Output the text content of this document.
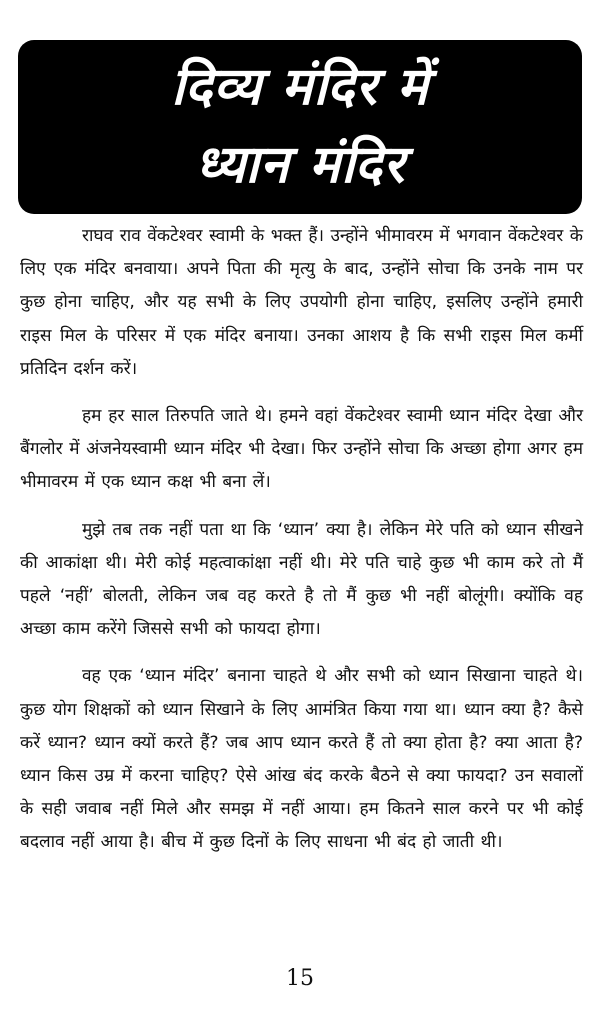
दिव्य मंदिर में
ध्यान मंदिर

राघव राव वेंकटेश्वर स्वामी के भक्त हैं। उन्होंने भीमावरम में भगवान वेंकटेश्वर के लिए एक मंदिर बनवाया। अपने पिता की मृत्यु के बाद, उन्होंने सोचा कि उनके नाम पर कुछ होना चाहिए, और यह सभी के लिए उपयोगी होना चाहिए, इसलिए उन्होंने हमारी राइस मिल के परिसर में एक मंदिर बनाया। उनका आशय है कि सभी राइस मिल कर्मी प्रतिदिन दर्शन करें।

हम हर साल तिरुपति जाते थे। हमने वहां वेंकटेश्वर स्वामी ध्यान मंदिर देखा और बैंगलोर में अंजनेयस्वामी ध्यान मंदिर भी देखा। फिर उन्होंने सोचा कि अच्छा होगा अगर हम भीमावरम में एक ध्यान कक्ष भी बना लें।

मुझे तब तक नहीं पता था कि ‘ध्यान’ क्या है। लेकिन मेरे पति को ध्यान सीखने की आकांक्षा थी। मेरी कोई महत्वाकांक्षा नहीं थी। मेरे पति चाहे कुछ भी काम करे तो मैं पहले ‘नहीं’ बोलती, लेकिन जब वह करते है तो मैं कुछ भी नहीं बोलूंगी। क्योंकि वह अच्छा काम करेंगे जिससे सभी को फायदा होगा।

वह एक ‘ध्यान मंदिर’ बनाना चाहते थे और सभी को ध्यान सिखाना चाहते थे। कुछ योग शिक्षकों को ध्यान सिखाने के लिए आमंत्रित किया गया था। ध्यान क्या है? कैसे करें ध्यान? ध्यान क्यों करते हैं? जब आप ध्यान करते हैं तो क्या होता है? क्या आता है? ध्यान किस उम्र में करना चाहिए? ऐसे आंख बंद करके बैठने से क्या फायदा? उन सवालों के सही जवाब नहीं मिले और समझ में नहीं आया। हम कितने साल करने पर भी कोई बदलाव नहीं आया है। बीच में कुछ दिनों के लिए साधना भी बंद हो जाती थी।

15
